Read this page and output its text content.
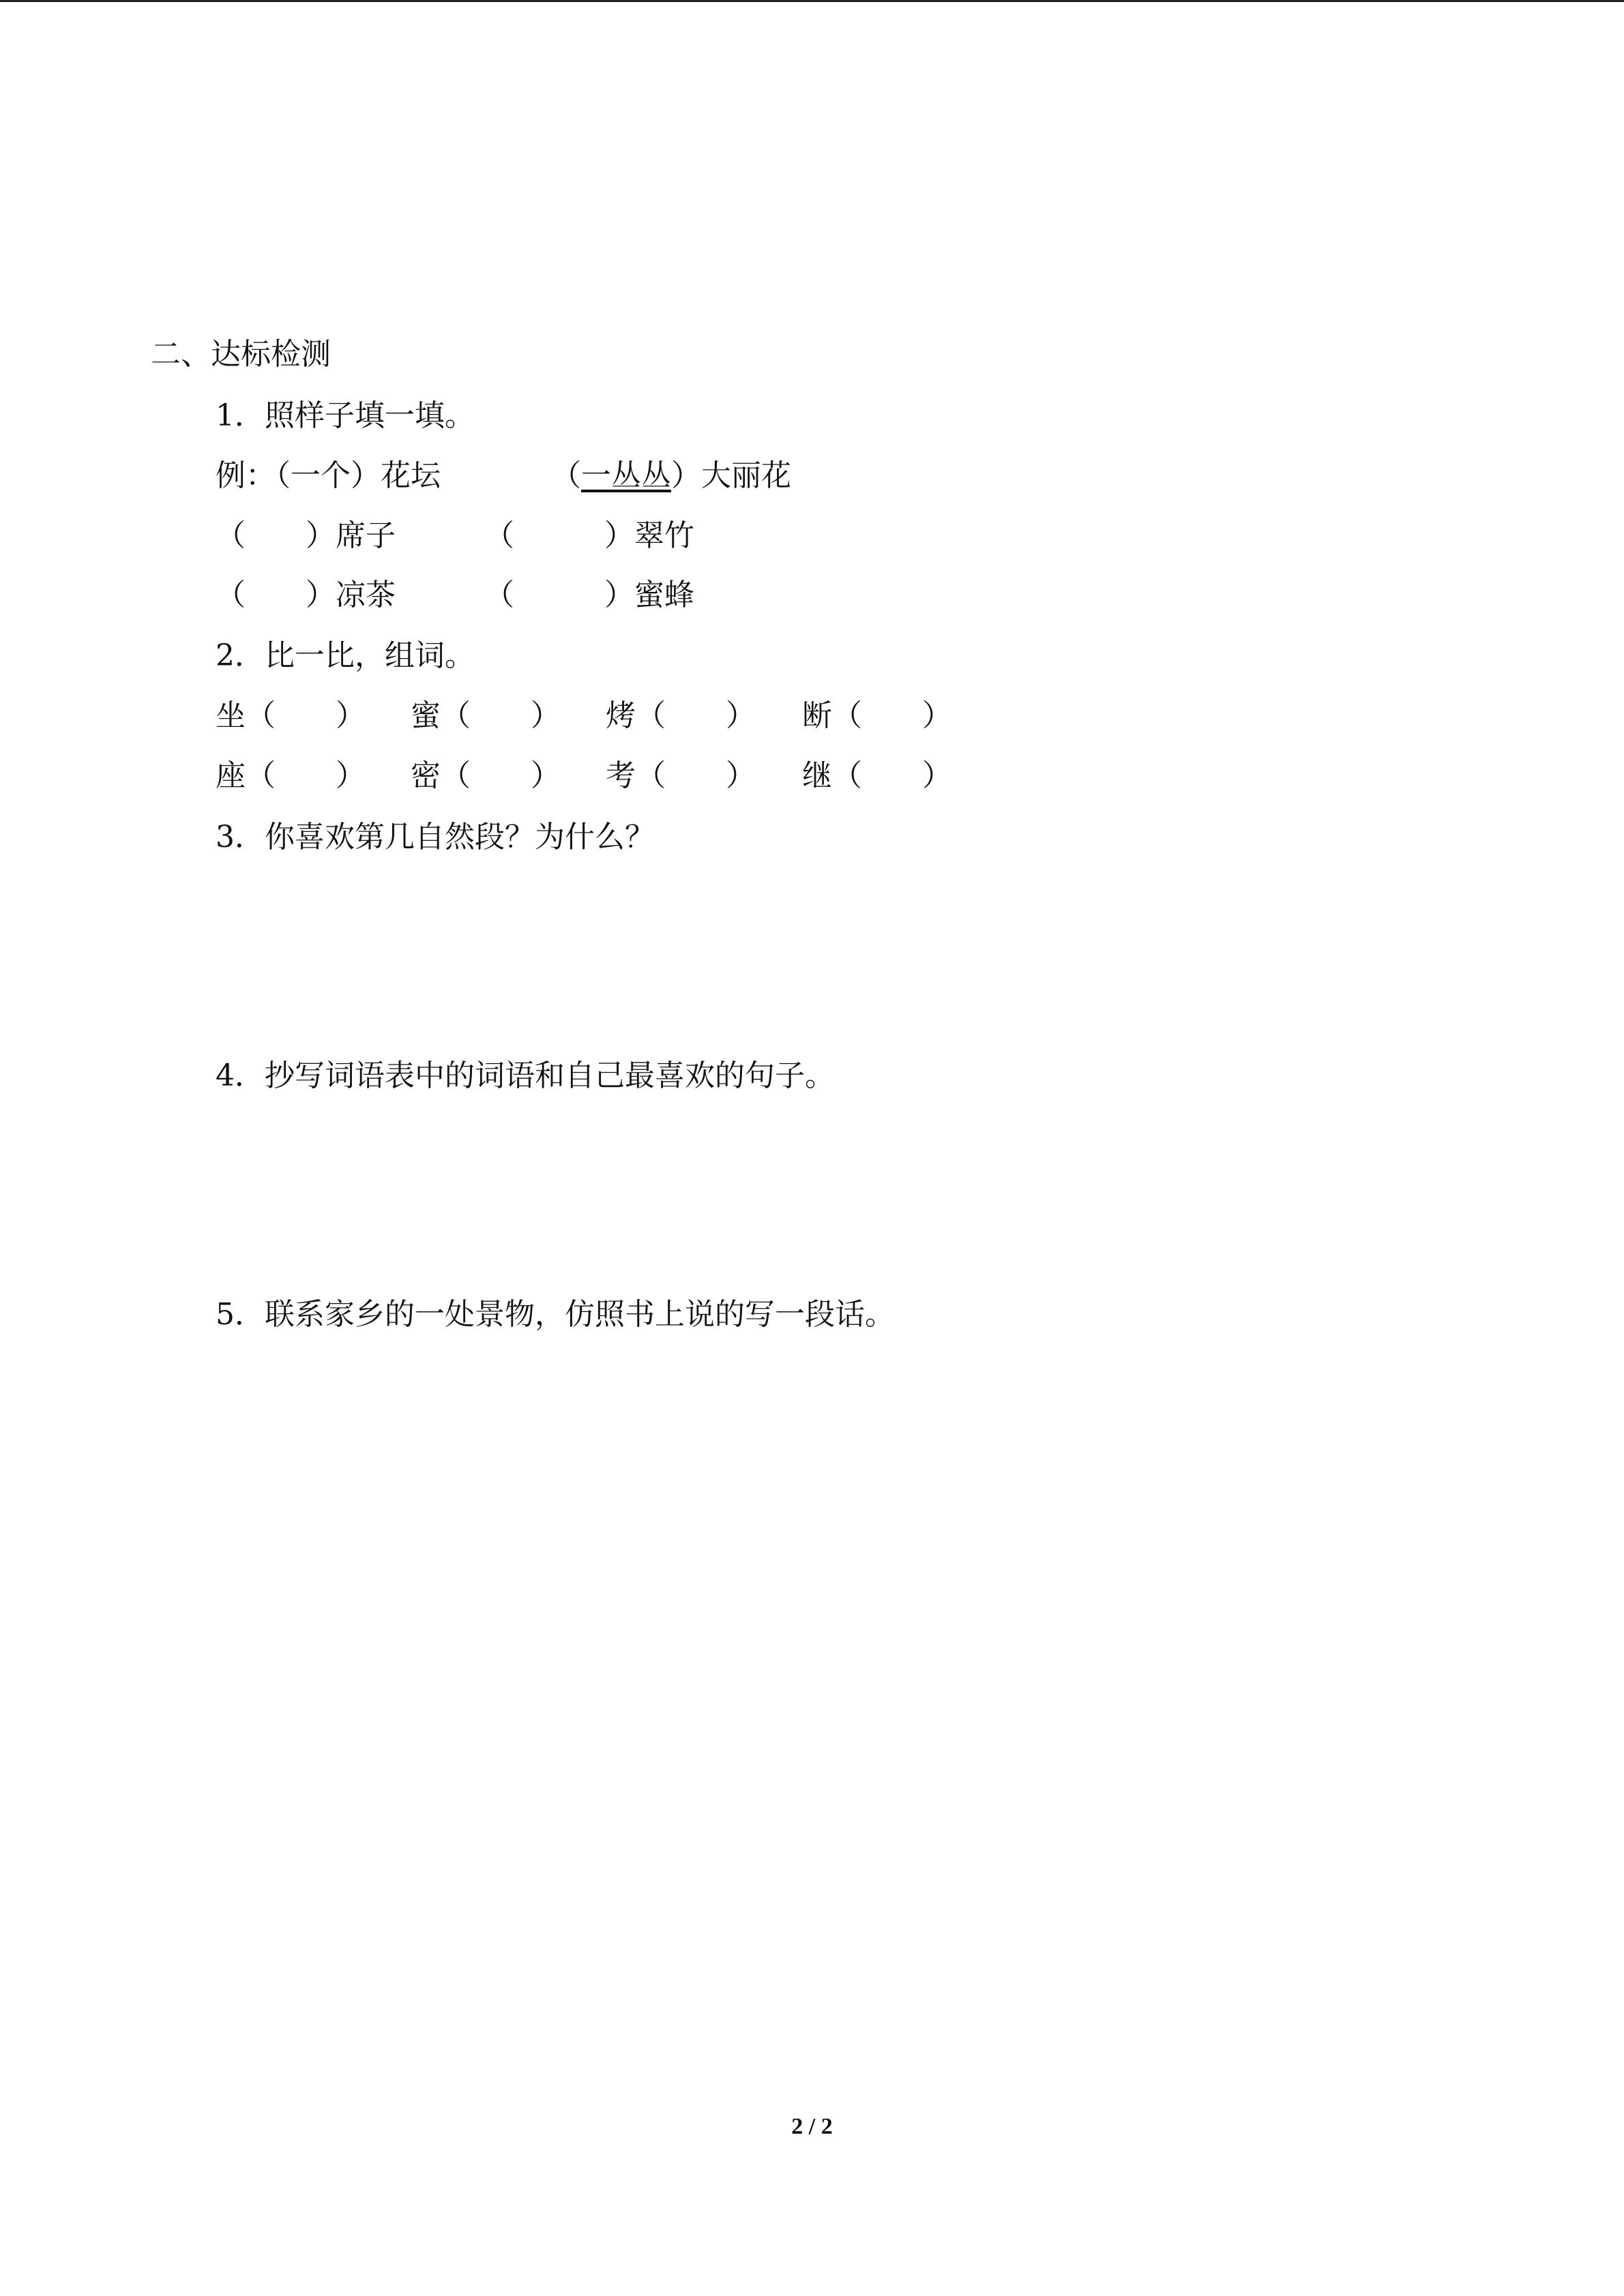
二、达标检测
1．照样子填一填。
例：（一个）花坛	（一丛丛）大丽花
（　　）席子	（　　　）翠竹
（　　）凉茶	（　　　）蜜蜂
2．比一比，组词。
坐（　　） 蜜（　　） 烤（　　） 断（　　）
座（　　） 密（　　） 考（　　） 继（　　）
3．你喜欢第几自然段？为什么？
4．抄写词语表中的词语和自己最喜欢的句子。
5．联系家乡的一处景物，仿照书上说的写一段话。
2 / 2
